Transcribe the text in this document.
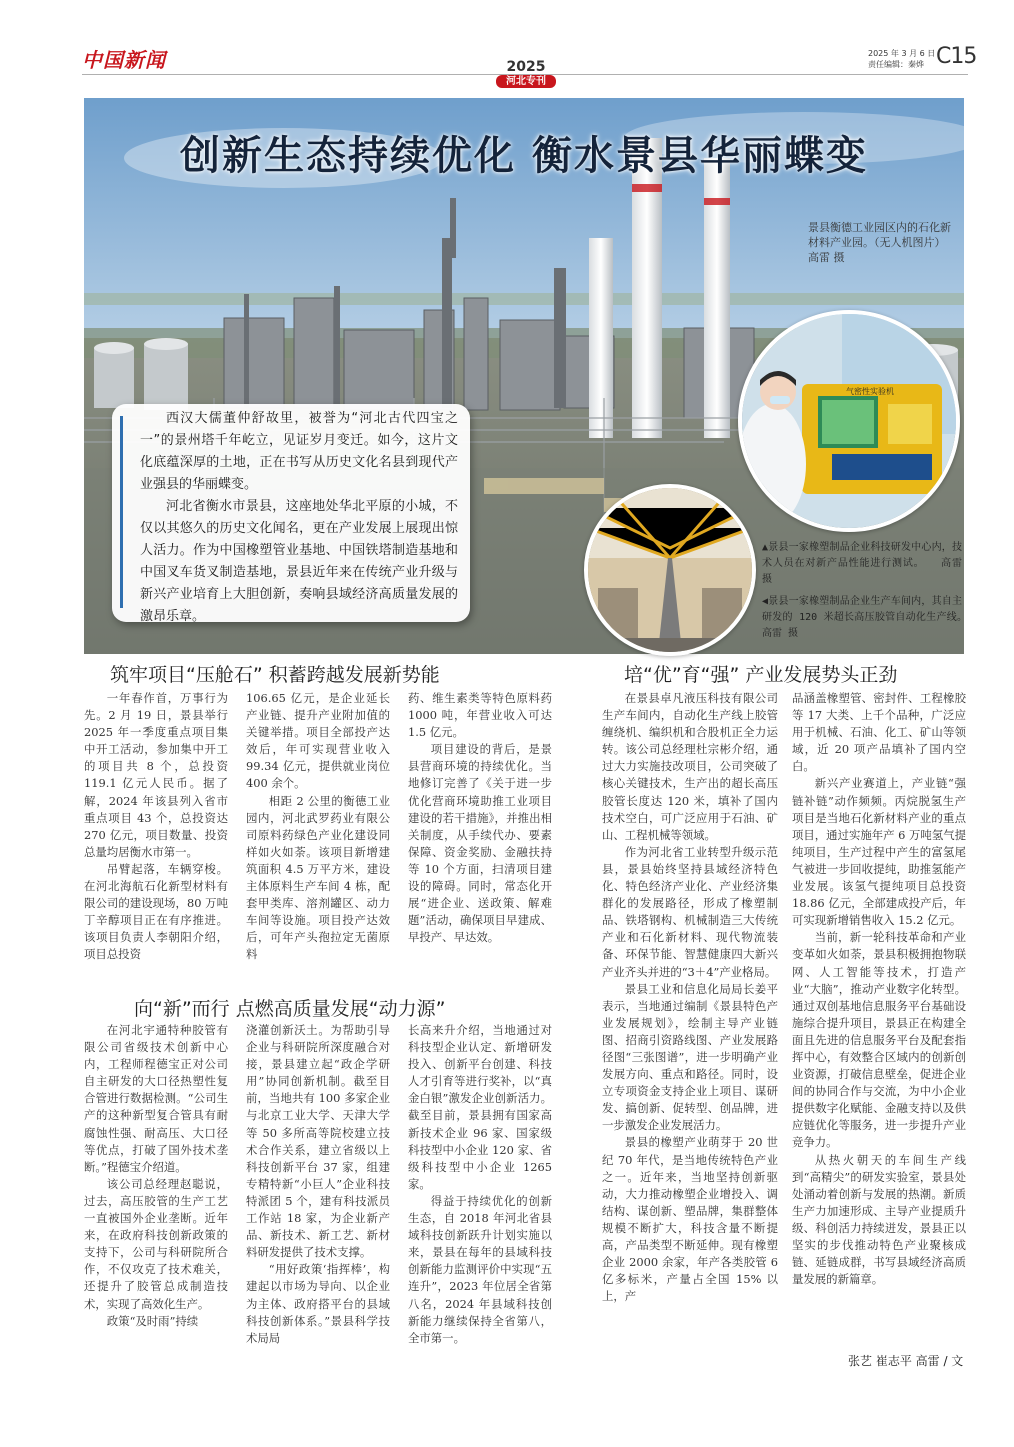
中国新闻	2025
河北专刊
2025 年 3 月 6 日
责任编辑：秦烨 C15
创新生态持续优化 衡水景县华丽蝶变
景县衡德工业园区内的石化新材料产业园。（无人机图片）　　　高雷 摄
气密性实验机
▲景县一家橡塑制品企业科技研发中心内，技术人员在对新产品性能进行测试。　　高雷 摄
◀景县一家橡塑制品企业生产车间内，其自主研发的 120 米超长高压胶管自动化生产线。　高雷 摄

西汉大儒董仲舒故里，被誉为“河北古代四宝之一”的景州塔千年屹立，见证岁月变迁。如今，这片文化底蕴深厚的土地，正在书写从历史文化名县到现代产业强县的华丽蝶变。

河北省衡水市景县，这座地处华北平原的小城，不仅以其悠久的历史文化闻名，更在产业发展上展现出惊人活力。作为中国橡塑管业基地、中国铁塔制造基地和中国叉车货叉制造基地，景县近年来在传统产业升级与新兴产业培育上大胆创新，奏响县域经济高质量发展的激昂乐章。

筑牢项目“压舱石” 积蓄跨越发展新势能

一年春作首，万事行为先。2 月 19 日，景县举行 2025 年一季度重点项目集中开工活动，参加集中开工的项目共 8 个，总投资 119.1 亿元人民币。据了解，2024 年该县列入省市重点项目 43 个，总投资达 270 亿元，项目数量、投资总量均居衡水市第一。

吊臂起落，车辆穿梭。在河北海航石化新型材料有限公司的建设现场，80 万吨丁辛醇项目正在有序推进。该项目负责人李朝阳介绍，项目总投资

106.65 亿元，是企业延长产业链、提升产业附加值的关键举措。项目全部投产达效后，年可实现营业收入 99.34 亿元，提供就业岗位 400 余个。

相距 2 公里的衡德工业园内，河北武罗药业有限公司原料药绿色产业化建设同样如火如荼。该项目新增建筑面积 4.5 万平方米，建设主体原料生产车间 4 栋，配套甲类库、溶剂罐区、动力车间等设施。项目投产达效后，可年产头孢拉定无菌原料

药、维生素类等特色原料药 1000 吨，年营业收入可达 1.5 亿元。

项目建设的背后，是景县营商环境的持续优化。当地修订完善了《关于进一步优化营商环境助推工业项目建设的若干措施》，并推出相关制度，从手续代办、要素保障、资金奖励、金融扶持等 10 个方面，扫清项目建设的障碍。同时，常态化开展“进企业、送政策、解难题”活动，确保项目早建成、早投产、早达效。

向“新”而行 点燃高质量发展“动力源”

在河北宇通特种胶管有限公司省级技术创新中心内，工程师程德宝正对公司自主研发的大口径热塑性复合管进行数据检测。“公司生产的这种新型复合管具有耐腐蚀性强、耐高压、大口径等优点，打破了国外技术垄断。”程德宝介绍道。

该公司总经理赵聪说，过去，高压胶管的生产工艺一直被国外企业垄断。近年来，在政府科技创新政策的支持下，公司与科研院所合作，不仅攻克了技术难关，还提升了胶管总成制造技术，实现了高效化生产。

政策“及时雨”持续

浇灌创新沃土。为帮助引导企业与科研院所深度融合对接，景县建立起“政企学研用”协同创新机制。截至目前，当地共有 100 多家企业与北京工业大学、天津大学等 50 多所高等院校建立技术合作关系，建立省级以上科技创新平台 37 家，组建专精特新“小巨人”企业科技特派团 5 个，建有科技派员工作站 18 家，为企业新产品、新技术、新工艺、新材料研发提供了技术支撑。

“用好政策‘指挥棒’，构建起以市场为导向、以企业为主体、政府搭平台的县域科技创新体系。”景县科学技术局局

长高来升介绍，当地通过对科技型企业认定、新增研发投入、创新平台创建、科技人才引育等进行奖补，以“真金白银”激发企业创新活力。截至目前，景县拥有国家高新技术企业 96 家、国家级科技型中小企业 120 家、省级科技型中小企业 1265 家。

得益于持续优化的创新生态，自 2018 年河北省县域科技创新跃升计划实施以来，景县在每年的县域科技创新能力监测评价中实现“五连升”，2023 年位居全省第八名，2024 年县域科技创新能力继续保持全省第八，全市第一。

培“优”育“强” 产业发展势头正劲

在景县卓凡液压科技有限公司生产车间内，自动化生产线上胶管缠绕机、编织机和合股机正全力运转。该公司总经理杜宗彬介绍，通过大力实施技改项目，公司突破了核心关键技术，生产出的超长高压胶管长度达 120 米，填补了国内技术空白，可广泛应用于石油、矿山、工程机械等领域。

作为河北省工业转型升级示范县，景县始终坚持县域经济特色化、特色经济产业化、产业经济集群化的发展路径，形成了橡塑制品、铁塔钢构、机械制造三大传统产业和石化新材料、现代物流装备、环保节能、智慧健康四大新兴产业齐头并进的“3＋4”产业格局。

景县工业和信息化局局长姜平表示，当地通过编制《景县特色产业发展规划》，绘制主导产业链图、招商引资路线图、产业发展路径图“三张图谱”，进一步明确产业发展方向、重点和路径。同时，设立专项资金支持企业上项目、谋研发、搞创新、促转型、创品牌，进一步激发企业发展活力。

景县的橡塑产业萌芽于 20 世纪 70 年代，是当地传统特色产业之一。近年来，当地坚持创新驱动，大力推动橡塑企业增投入、调结构、谋创新、塑品牌，集群整体规模不断扩大，科技含量不断提高，产品类型不断延伸。现有橡塑企业 2000 余家，年产各类胶管 6 亿多标米，产量占全国 15% 以上，产

品涵盖橡塑管、密封件、工程橡胶等 17 大类、上千个品种，广泛应用于机械、石油、化工、矿山等领域，近 20 项产品填补了国内空白。

新兴产业赛道上，产业链“强链补链”动作频频。丙烷脱氢生产项目是当地石化新材料产业的重点项目，通过实施年产 6 万吨氢气提纯项目，生产过程中产生的富氢尾气被进一步回收提纯，助推氢能产业发展。该氢气提纯项目总投资 18.86 亿元，全部建成投产后，年可实现新增销售收入 15.2 亿元。

当前，新一轮科技革命和产业变革如火如荼，景县积极拥抱物联网、人工智能等技术，打造产业“大脑”，推动产业数字化转型。通过双创基地信息服务平台基础设施综合提升项目，景县正在构建全面且先进的信息服务平台及配套指挥中心，有效整合区域内的创新创业资源，打破信息壁垒，促进企业间的协同合作与交流，为中小企业提供数字化赋能、金融支持以及供应链优化等服务，进一步提升产业竞争力。

从热火朝天的车间生产线到“高精尖”的研发实验室，景县处处涌动着创新与发展的热潮。新质生产力加速形成、主导产业提质升级、科创活力持续迸发，景县正以坚实的步伐推动特色产业聚核成链、延链成群，书写县域经济高质量发展的新篇章。

张艺 崔志平 高雷 / 文
